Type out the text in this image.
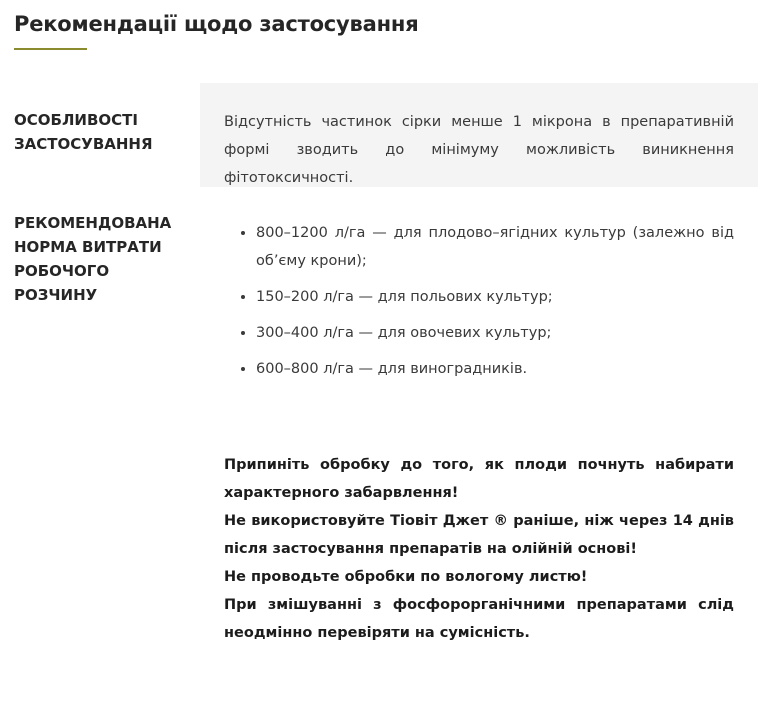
Рекомендації щодо застосування
ОСОБЛИВОСТІ ЗАСТОСУВАННЯ

Відсутність частинок сірки менше 1 мікрона в препаративній формі зводить до мінімуму можливість виникнення фітотоксичності.

РЕКОМЕНДОВАНА НОРМА ВИТРАТИ РОБОЧОГО РОЗЧИНУ
• 800–1200 л/га — для плодово–ягідних культур (залежно від об’єму крони);
• 150–200 л/га — для польових культур;
• 300–400 л/га — для овочевих культур;
• 600–800 л/га — для виноградників.

Припиніть обробку до того, як плоди почнуть набирати характерного забарвлення!

Не використовуйте Тіовіт Джет ® раніше, ніж через 14 днів після застосування препаратів на олійній основі!

Не проводьте обробки по вологому листю!

При змішуванні з фосфорорганічними препаратами слід неодмінно перевіряти на сумісність.
